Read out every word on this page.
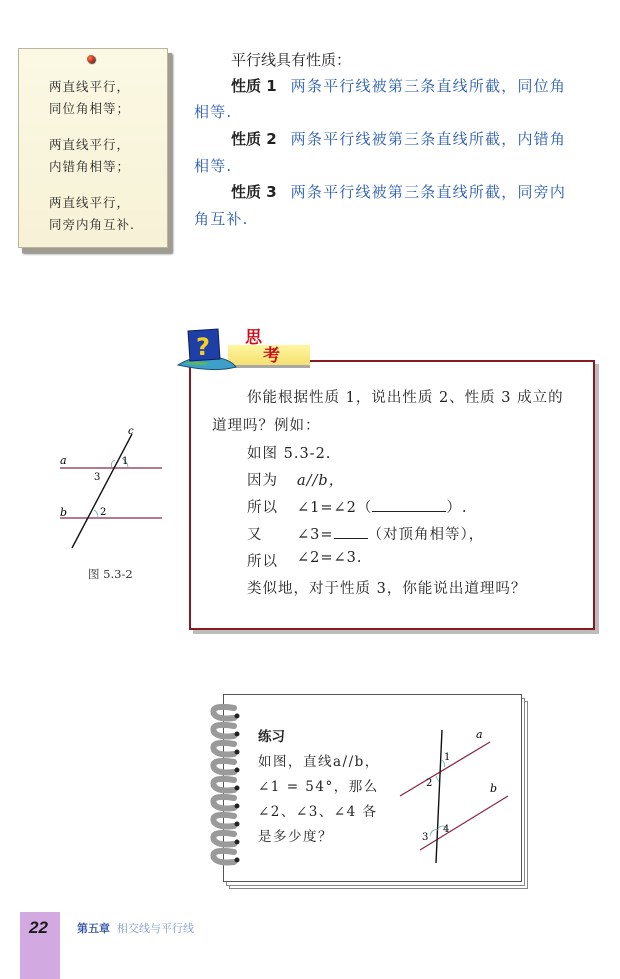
两直线平行，
同位角相等；
两直线平行，
内错角相等；
两直线平行，
同旁内角互补.
平行线具有性质：
性质 1 两条平行线被第三条直线所截，同位角
相等.
性质 2 两条平行线被第三条直线所截，内错角
相等.
性质 3 两条平行线被第三条直线所截，同旁内
角互补.
? 思
考
你能根据性质 1，说出性质 2、性质 3 成立的
道理吗？例如：
如图 5.3-2.
因为 a//b，
所以 ∠1=∠2（	）.
又 ∠3= （对顶角相等），
所以 ∠2=∠3.
类似地，对于性质 3，你能说出道理吗？
c
a
b
1
3
2
图 5.3-2
练习
如图，直线a//b，
∠1 = 54°，那么
∠2、∠3、∠4 各
是多少度？
a
b
1
2
3
4
22	第五章 相交线与平行线
